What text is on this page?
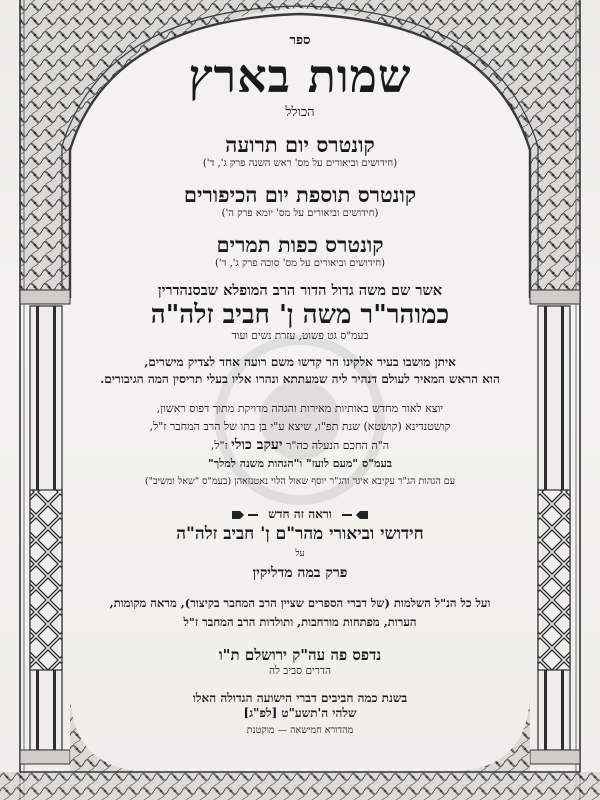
ספר
שמות בארץ
הכולל
קונטרס יום תרועה
(חידושים וביאורים על מס' ראש השנה פרק ג', ד')
קונטרס תוספת יום הכיפורים
(חידושים וביאורים על מס' יומא פרק ה')
קונטרס כפות תמרים
(חידושים וביאורים על מס' סוכה פרק ג', ד')
אשר שם משה גדול הדור הרב המופלא שבסנהדרין
כמוהר"ר משה ן' חביב זלה"ה
בעמ"ס גט פשוט, עזרת נשים ועוד
איתן מושבו בעיר אלקינו הר קדשו משם רועה אחד לצדיק מישרים,
הוא הראש המאיר לעולם דנהיר ליה שמעתתא ונהרו אליו בעלי תריסין המה הגיבורים.
יוצא לאור מחדש באותיות מאירות והגהה מדויקת מתוך דפוס ראשון,
קושטנדינא (קושטא) שנת תפ"ו, שיצא ע"י בן בתו של הרב המחבר ז"ל,
ה"ה החכם הנעלה כה"ר יעקב כולי ז"ל,
בעמ"ס "מעם לועז" ו"הגהות משנה למלך"
עם הגהות הג"ר עקיבא איגר והג"ר יוסף שאול הלוי נאטנזאהן (בעמ"ס "שאל ומשיב")
וראה זה חדש
חידושי וביאורי מהר"ם ן' חביב זלה"ה
על
פרק במה מדליקין
ועל כל הנ"ל השלמות (של דברי הספרים שציין הרב המחבר בקיצור), מראה מקומות,
הערות, מפתחות מורחבות, ותולדות הרב המחבר ז"ל
נדפס פה עה"ק ירושלם ת"ו
הדרים סביב לה
בשנת כמה חביבים דברי הישועה הגדולה האלו
שלהי ה'תשע"ט [לפ"ג]
מהדורא חמישאה — מוקטנת
